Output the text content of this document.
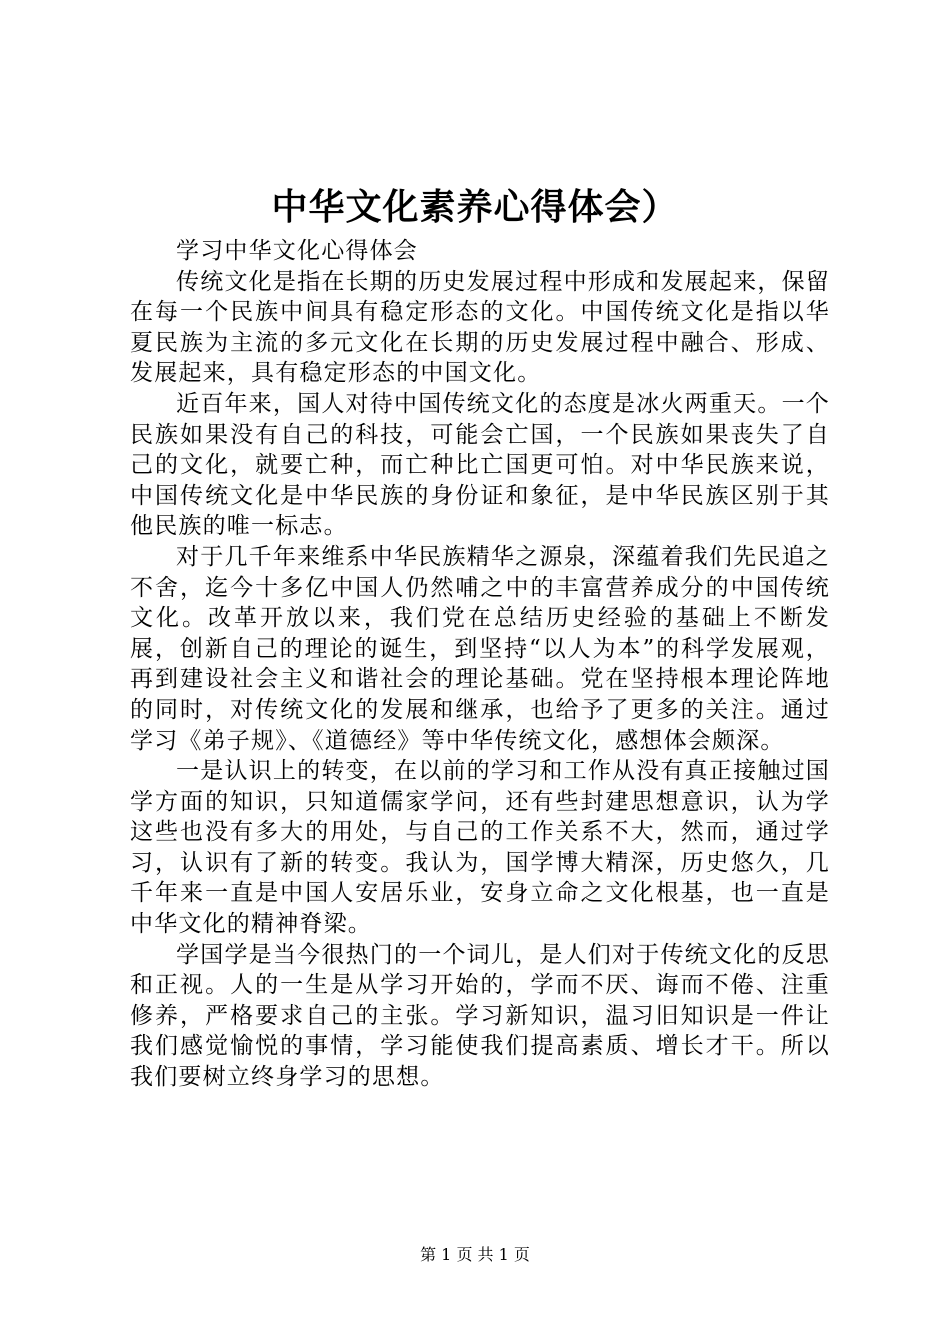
中华文化素养心得体会）

学习中华文化心得体会

传统文化是指在长期的历史发展过程中形成和发展起来，保留在每一个民族中间具有稳定形态的文化。中国传统文化是指以华夏民族为主流的多元文化在长期的历史发展过程中融合、形成、发展起来，具有稳定形态的中国文化。

近百年来，国人对待中国传统文化的态度是冰火两重天。一个民族如果没有自己的科技，可能会亡国，一个民族如果丧失了自己的文化，就要亡种，而亡种比亡国更可怕。对中华民族来说，中国传统文化是中华民族的身份证和象征，是中华民族区别于其他民族的唯一标志。

对于几千年来维系中华民族精华之源泉，深蕴着我们先民追之不舍，迄今十多亿中国人仍然哺之中的丰富营养成分的中国传统文化。改革开放以来，我们党在总结历史经验的基础上不断发展，创新自己的理论的诞生，到坚持“以人为本”的科学发展观，再到建设社会主义和谐社会的理论基础。党在坚持根本理论阵地的同时，对传统文化的发展和继承，也给予了更多的关注。通过学习《弟子规》、《道德经》等中华传统文化，感想体会颇深。

一是认识上的转变，在以前的学习和工作从没有真正接触过国学方面的知识，只知道儒家学问，还有些封建思想意识，认为学这些也没有多大的用处，与自己的工作关系不大，然而，通过学习，认识有了新的转变。我认为，国学博大精深，历史悠久，几千年来一直是中国人安居乐业，安身立命之文化根基，也一直是中华文化的精神脊梁。

学国学是当今很热门的一个词儿，是人们对于传统文化的反思和正视。人的一生是从学习开始的，学而不厌、诲而不倦、注重修养，严格要求自己的主张。学习新知识，温习旧知识是一件让我们感觉愉悦的事情，学习能使我们提高素质、增长才干。所以我们要树立终身学习的思想。

第 1 页 共 1 页
